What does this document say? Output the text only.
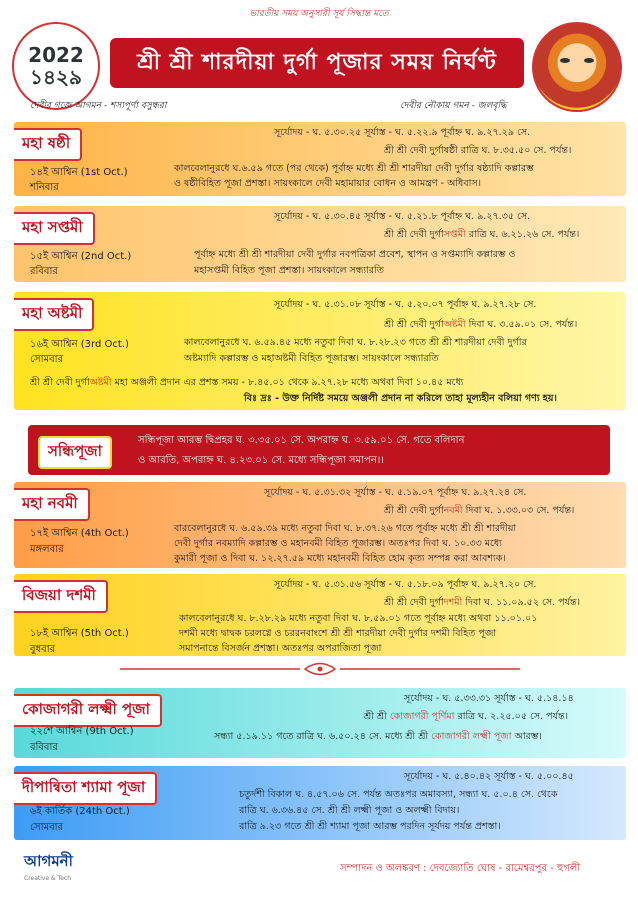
ভারতীয় সময় অনুসারী সূর্য সিদ্ধান্ত মতে
2022
১৪২৯
শ্রী শ্রী শারদীয়া দুর্গা পূজার সময় নির্ঘণ্ট
দেবীর গজে আগমন - শস্যপূর্ণা বসুন্ধরা	দেবীর নৌকায় গমন - জলবৃদ্ধি
মহা ষষ্ঠী
সূর্যোদয় - ঘ. ৫.৩০.২৫ সূর্যাস্ত - ঘ. ৫.২২.৯ পূর্বাহ্ন ঘ. ৯.২৭.২৯ সে.
শ্রী শ্রী দেবী দুর্গাষষ্ঠী রাত্রি ঘ. ৮.৩৫.৫০ সে. পর্যন্ত।
১৪ই আশ্বিন (1st Oct.)
শনিবার
কালবেলানুরধে ঘ.৬.৫৯ গতে (পর থেকে) পূর্বাহ্ন মধ্যে শ্রী শ্রী শারদীয়া দেবী দুর্গার ষষ্ঠ্যাদি কল্পারম্ভ
ও ষষ্ঠীবিহিত পূজা প্রশস্তা। সায়ংকালে দেবী মহামায়ার বোধন ও আমন্ত্রণ - অধিবাস।
মহা সপ্তমী
সূর্যোদয় - ঘ. ৫.৩০.৪৫ সূর্যাস্ত - ঘ. ৫.২১.৮ পূর্বাহ্ন ঘ. ৯.২৭.৩৫ সে.
শ্রী শ্রী দেবী দুর্গাসপ্তমী রাত্রি ঘ. ৬.২১.২৬ সে. পর্যন্ত।
১৫ই আশ্বিন (2nd Oct.)
রবিবার
পূর্বাহ্ন মধ্যে শ্রী শ্রী শারদীয়া দেবী দুর্গার নবপত্রিকা প্রবেশ, স্থাপন ও সপ্তম্যাদি কল্পারম্ভ ও
মহাসপ্তমী বিহিত পূজা প্রশস্তা। সায়ংকালে সন্ধ্যারতি
মহা অষ্টমী	সূর্যোদয় - ঘ. ৫.৩১.০৮ সূর্যাস্ত - ঘ. ৫.২০.০৭ পূর্বাহ্ন ঘ. ৯.২৭.২৮ সে.
শ্রী শ্রী দেবী দুর্গাঅষ্টমী দিবা ঘ. ৩.৫৯.০১ সে. পর্যন্ত।
১৬ই আশ্বিন (3rd Oct.)
সোমবার
কালবেলানুরধে ঘ. ৬.৫৯.৪৫ মধ্যে নতুবা দিবা ঘ. ৮.২৮.২৩ গতে শ্রী শ্রী শারদীয়া দেবী দুর্গার
অষ্টম্যাদি কল্পারম্ভ ও মহাঅষ্টমী বিহিত পূজারম্ভ। সায়ংকালে সন্ধ্যারতি
শ্রী শ্রী দেবী দুর্গাঅষ্টমী মহা অঞ্জলী প্রদান এর প্রশস্ত সময় - ৮.৪৫.০১ থেকে ৯.২৭.২৮ মধ্যে অথবা দিবা ১০.৪৫ মধ্যে
বিঃ দ্রঃ - উক্ত নির্দিষ্ট সময়ে অঞ্জলী প্রদান না করিলে তাহা মূল্যহীন বলিয়া গণ্য হয়।
সন্ধিপূজা
সন্ধিপূজা আরম্ভ দ্বিপ্রহর ঘ. ৩.৩৫.০১ সে. অপরাহ্ন ঘ. ৩.৫৯.০১ সে. গতে বলিদান
ও আরতি, অপরাহ্ন ঘ. ৪.২৩.০১ সে. মধ্যে সন্ধিপূজা সমাপন।।
মহা নবমী
সূর্যোদয় - ঘ. ৫.৩১.৩২ সূর্যাস্ত - ঘ. ৫.১৯.০৭ পূর্বাহ্ন ঘ. ৯.২৭.২৪ সে.
শ্রী শ্রী দেবী দুর্গানবমী দিবা ঘ. ১.৩৩.০৩ সে. পর্যন্ত।
১৭ই আশ্বিন (4th Oct.)
মঙ্গলবার
বারবেলানুরধে ঘ. ৬.৫৯.৩৯ মধ্যে নতুবা দিবা ঘ. ৮.৩৭.২৬ গতে পূর্বাহ্ন মধ্যে শ্রী শ্রী শারদীয়া
দেবী দুর্গার নবম্যাদি কল্পারম্ভ ও মহানবমী বিহিত পূজারম্ভ। অতঃপর দিবা ঘ. ১০.৩৩ মধ্যে
কুমারী পূজা ও দিবা ঘ. ১২.২৭.৫৯ মধ্যে মহানবমী বিহিত হোম কৃত্য সম্পন্ন করা আবশ্যক।
বিজয়া দশমী
সূর্যোদয় - ঘ. ৫.৩১.৫৬ সূর্যাস্ত - ঘ. ৫.১৮.০৯ পূর্বাহ্ন ঘ. ৯.২৭.২০ সে.
শ্রী শ্রী দেবী দুর্গাদশমী দিবা ঘ. ১১.০৯.৫২ সে. পর্যন্ত।
১৮ই আশ্বিন (5th Oct.)
বুধবার
কালবেলানুরধে ঘ. ৮.২৮.২৯ মধ্যে নতুবা দিবা ঘ. ৮.৫৯.০১ গতে পূর্বাহ্ন মধ্যে অথবা ১১.০১.০১
দশমী মধ্যে দ্বাদ্বক চরলগ্নে ও চররনবাংশে শ্রী শ্রী শারদীয়া দেবী দুর্গার দশমী বিহিত পূজা
সমাপনান্তে বিসর্জন প্রশস্তা। অতঃপর অপরাজিতা পূজা
কোজাগরী লক্ষ্মী পূজা
সূর্যোদয় - ঘ. ৫.৩৩.৩১ সূর্যাস্ত - ঘ. ৫.১৪.১৪
শ্রী শ্রী কোজাগরী পূর্ণিমা রাত্রি ঘ. ২.২৫.০৫ সে. পর্যন্ত।
২২শে আশ্বিন (9th Oct.)
রবিবার
সন্ধ্যা ৫.১৯.১১ গতে রাত্রি ঘ. ৬.৫০.২৪ সে. মধ্যে শ্রী শ্রী কোজাগরী লক্ষ্মী পূজা আরম্ভ।
দীপান্বিতা শ্যামা পূজা
সূর্যোদয় - ঘ. ৫.৪০.৪২ সূর্যাস্ত - ঘ. ৫.০০.৪৫
৬ই কার্তিক (24th Oct.)
সোমবার
চতুর্দশী বিকাল ঘ. ৪.৫৭.০৬ সে. পর্যন্ত অতঃপর অমাবস্যা, সন্ধ্যা ঘ. ৫.০.৪ সে. থেকে
রাত্রি ঘ. ৬.৩৬.৪৫ সে. শ্রী শ্রী লক্ষ্মী পূজা ও অলক্ষ্মী বিদায়।
রাত্রি ৯.২৩ গতে শ্রী শ্রী শ্যামা পূজা আরম্ভ পরদিন সূর্যদয় পর্যন্ত প্রশস্তা।
আগমনী
Creative & Tech
সম্পাদন ও অলঙ্করণ : দেবজ্যোতি ঘোষ - রামেশ্বরপুর - হুগলী
